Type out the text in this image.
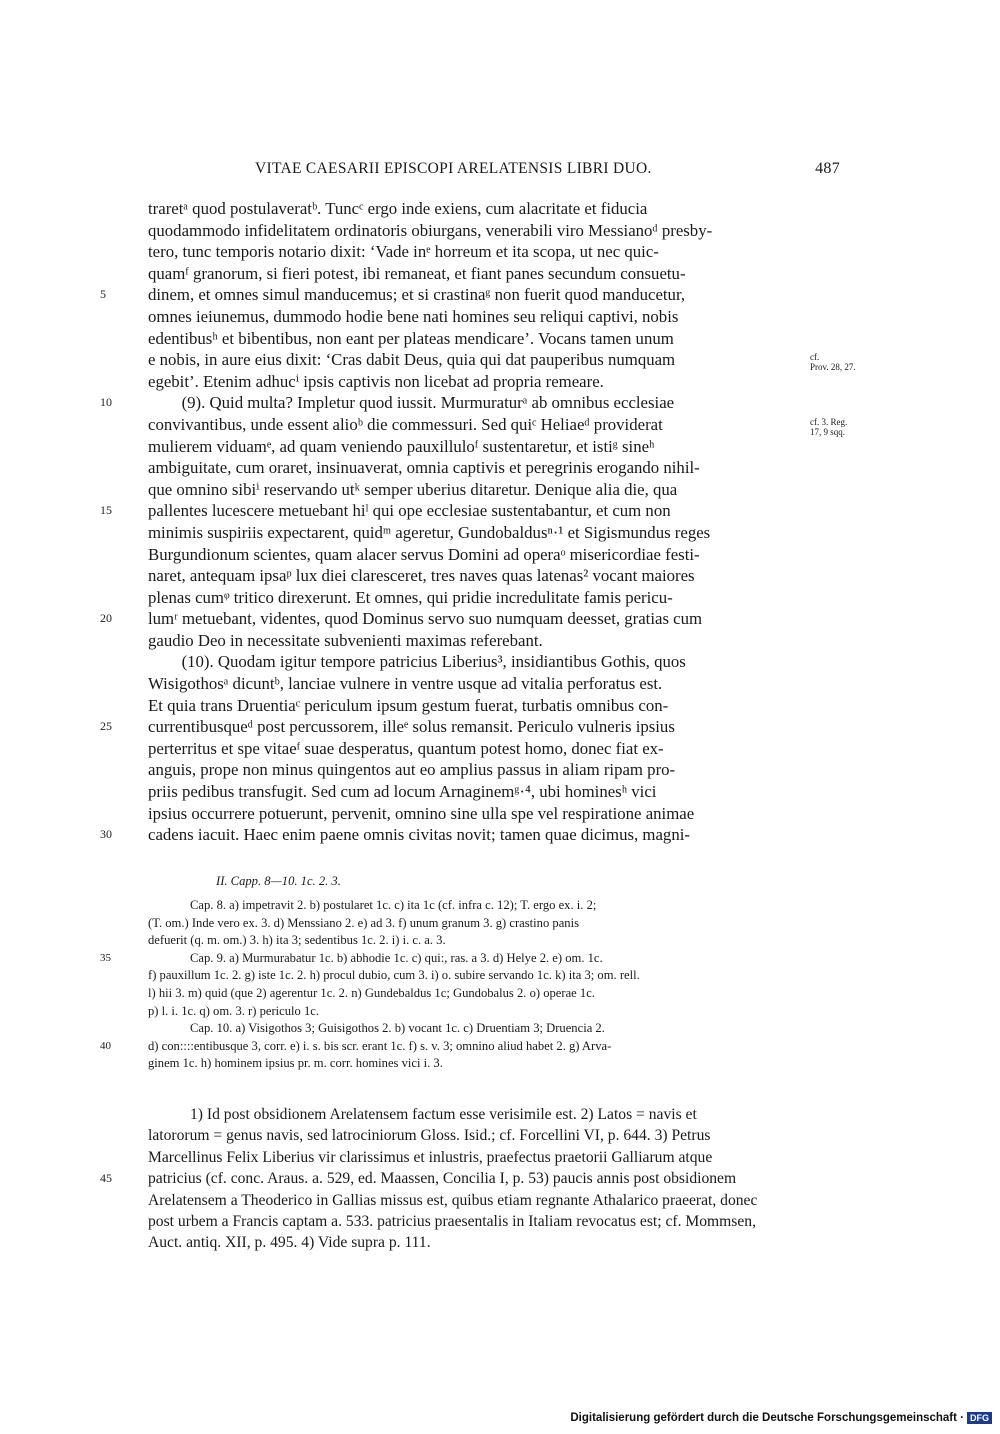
VITAE CAESARII EPISCOPI ARELATENSIS LIBRI DUO.	487
traretᵃ quod postulaveratᵇ. Tuncᶜ ergo inde exiens, cum alacritate et fiducia
quodammodo infidelitatem ordinatoris obiurgans, venerabili viro Messianoᵈ presby-
tero, tunc temporis notario dixit: ‘Vade inᵉ horreum et ita scopa, ut nec quic-
quamᶠ granorum, si fieri potest, ibi remaneat, et fiant panes secundum consuetu-
5	dinem, et omnes simul manducemus; et si crastinaᵍ non fuerit quod manducetur,
omnes ieiunemus, dummodo hodie bene nati homines seu reliqui captivi, nobis
edentibusʰ et bibentibus, non eant per plateas mendicare’. Vocans tamen unum
e nobis, in aure eius dixit: ‘Cras dabit Deus, quia qui dat pauperibus numquam
egebit’. Etenim adhucⁱ ipsis captivis non licebat ad propria remeare.
10	  (9). Quid multa? Impletur quod iussit. Murmuraturᵃ ab omnibus ecclesiae
convivantibus, unde essent alioᵇ die commessuri. Sed quiᶜ Heliaeᵈ providerat
mulierem viduamᵉ, ad quam veniendo pauxilluloᶠ sustentaretur, et istiᵍ sineʰ
ambiguitate, cum oraret, insinuaverat, omnia captivis et peregrinis erogando nihil-
que omnino sibiⁱ reservando utᵏ semper uberius ditaretur. Denique alia die, qua
15	pallentes lucescere metuebant hiˡ qui ope ecclesiae sustentabantur, et cum non
minimis suspiriis expectarent, quidᵐ ageretur, Gundobaldusⁿ·¹ et Sigismundus reges
Burgundionum scientes, quam alacer servus Domini ad operaᵒ misericordiae festi-
naret, antequam ipsaᵖ lux diei claresceret, tres naves quas latenas² vocant maiores
plenas cumᵠ tritico direxerunt. Et omnes, qui pridie incredulitate famis pericu-
20	lumʳ metuebant, videntes, quod Dominus servo suo numquam deesset, gratias cum
gaudio Deo in necessitate subvenienti maximas referebant.
  (10). Quodam igitur tempore patricius Liberius³, insidiantibus Gothis, quos
Wisigothosᵃ dicuntᵇ, lanciae vulnere in ventre usque ad vitalia perforatus est.
Et quia trans Druentiaᶜ periculum ipsum gestum fuerat, turbatis omnibus con-
25	currentibusqueᵈ post percussorem, illeᵉ solus remansit. Periculo vulneris ipsius
perterritus et spe vitaeᶠ suae desperatus, quantum potest homo, donec fiat ex-
anguis, prope non minus quingentos aut eo amplius passus in aliam ripam pro-
priis pedibus transfugit. Sed cum ad locum Arnaginemᵍ·⁴, ubi hominesʰ vici
ipsius occurrere potuerunt, pervenit, omnino sine ulla spe vel respiratione animae
30	cadens iacuit. Haec enim paene omnis civitas novit; tamen quae dicimus, magni-
cf.
Prov. 28, 27.
cf. 3. Reg.
17, 9 sqq.
II. Capp. 8—10. 1c. 2. 3.
Cap. 8. a) impetravit 2. b) postularet 1c. c) ita 1c (cf. infra c. 12); T. ergo ex. i. 2;
(T. om.) Inde vero ex. 3. d) Menssiano 2. e) ad 3. f) unum granum 3. g) crastino panis
defuerit (q. m. om.) 3. h) ita 3; sedentibus 1c. 2. i) i. c. a. 3.
35	Cap. 9. a) Murmurabatur 1c. b) abhodie 1c. c) qui:, ras. a 3. d) Helye 2. e) om. 1c.
f) pauxillum 1c. 2. g) iste 1c. 2. h) procul dubio, cum 3. i) o. subire servando 1c. k) ita 3; om. rell.
l) hii 3. m) quid (que 2) agerentur 1c. 2. n) Gundebaldus 1c; Gundobalus 2. o) operae 1c.
p) l. i. 1c. q) om. 3. r) periculo 1c.
Cap. 10. a) Visigothos 3; Guisigothos 2. b) vocant 1c. c) Druentiam 3; Druencia 2.
40	d) con::::entibusque 3, corr. e) i. s. bis scr. erant 1c. f) s. v. 3; omnino aliud habet 2. g) Arva-
ginem 1c. h) hominem ipsius pr. m. corr. homines vici i. 3.
1) Id post obsidionem Arelatensem factum esse verisimile est. 2) Latos = navis et
latororum = genus navis, sed latrociniorum Gloss. Isid.; cf. Forcellini VI, p. 644. 3) Petrus
Marcellinus Felix Liberius vir clarissimus et inlustris, praefectus praetorii Galliarum atque
45	patricius (cf. conc. Araus. a. 529, ed. Maassen, Concilia I, p. 53) paucis annis post obsidionem
Arelatensem a Theoderico in Gallias missus est, quibus etiam regnante Athalarico praeerat, donec
post urbem a Francis captam a. 533. patricius praesentalis in Italiam revocatus est; cf. Mommsen,
Auct. antiq. XII, p. 495. 4) Vide supra p. 111.
Digitalisierung gefördert durch die Deutsche Forschungsgemeinschaft · DFG
